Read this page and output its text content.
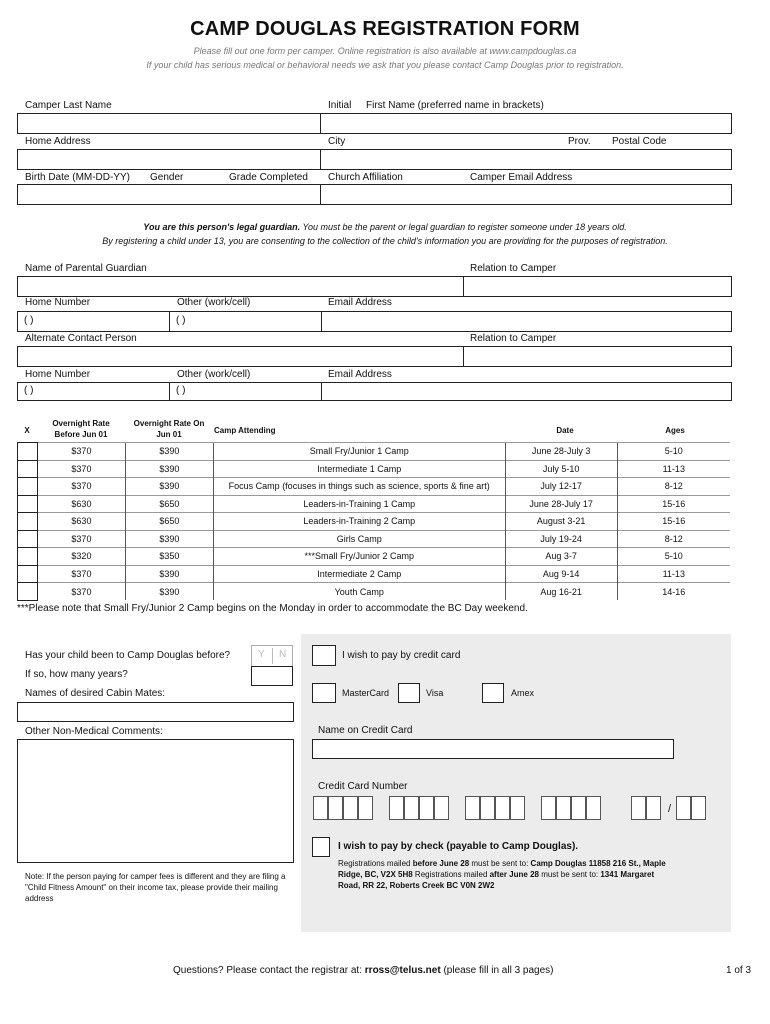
CAMP DOUGLAS REGISTRATION FORM
Please fill out one form per camper. Online registration is also available at www.campdouglas.ca
If your child has serious medical or behavioral needs we ask that you please contact Camp Douglas prior to registration.
Camper Last Name	Initial First Name (preferred name in brackets)
Home Address	City	Prov. Postal Code
Birth Date (MM-DD-YY) Gender	Grade Completed Church Affiliation	Camper Email Address
You are this person's legal guardian. You must be the parent or legal guardian to register someone under 18 years old.
By registering a child under 13, you are consenting to the collection of the child's information you are providing for the purposes of registration.
Name of Parental Guardian	Relation to Camper
Home Number	Other (work/cell)	Email Address
( )	( )
Alternate Contact Person	Relation to Camper
Home Number	Other (work/cell)	Email Address
( )	( )
X
Overnight Rate Before Jun 01
Overnight Rate On Jun 01	Camp Attending	Date	Ages
	$370	$390	Small Fry/Junior 1 Camp	June 28-July 3	5-10
	$370	$390	Intermediate 1 Camp	July 5-10	11-13
	$370	$390	Focus Camp (focuses in things such as science, sports & fine art)	July 12-17	8-12
	$630	$650	Leaders-in-Training 1 Camp	June 28-July 17	15-16
	$630	$650	Leaders-in-Training 2 Camp	August 3-21	15-16
	$370	$390	Girls Camp	July 19-24	8-12
	$320	$350	***Small Fry/Junior 2 Camp	Aug 3-7	5-10
	$370	$390	Intermediate 2 Camp	Aug 9-14	11-13
	$370	$390	Youth Camp	Aug 16-21	14-16
***Please note that Small Fry/Junior 2 Camp begins on the Monday in order to accommodate the BC Day weekend.
Has your child been to Camp Douglas before?	Y N
If so, how many years?
Names of desired Cabin Mates:
Other Non-Medical Comments:
Note: If the person paying for camper fees is different and they are filing a "Child Fitness Amount" on their income tax, please provide their mailing address
I wish to pay by credit card
MasterCard	Visa	Amex
Name on Credit Card
Credit Card Number
/
I wish to pay by check (payable to Camp Douglas).
Registrations mailed before June 28 must be sent to: Camp Douglas 11858 216 St., Maple Ridge, BC, V2X 5H8 Registrations mailed after June 28 must be sent to: 1341 Margaret Road, RR 22, Roberts Creek BC V0N 2W2
Questions? Please contact the registrar at: rross@telus.net (please fill in all 3 pages)	1 of 3
